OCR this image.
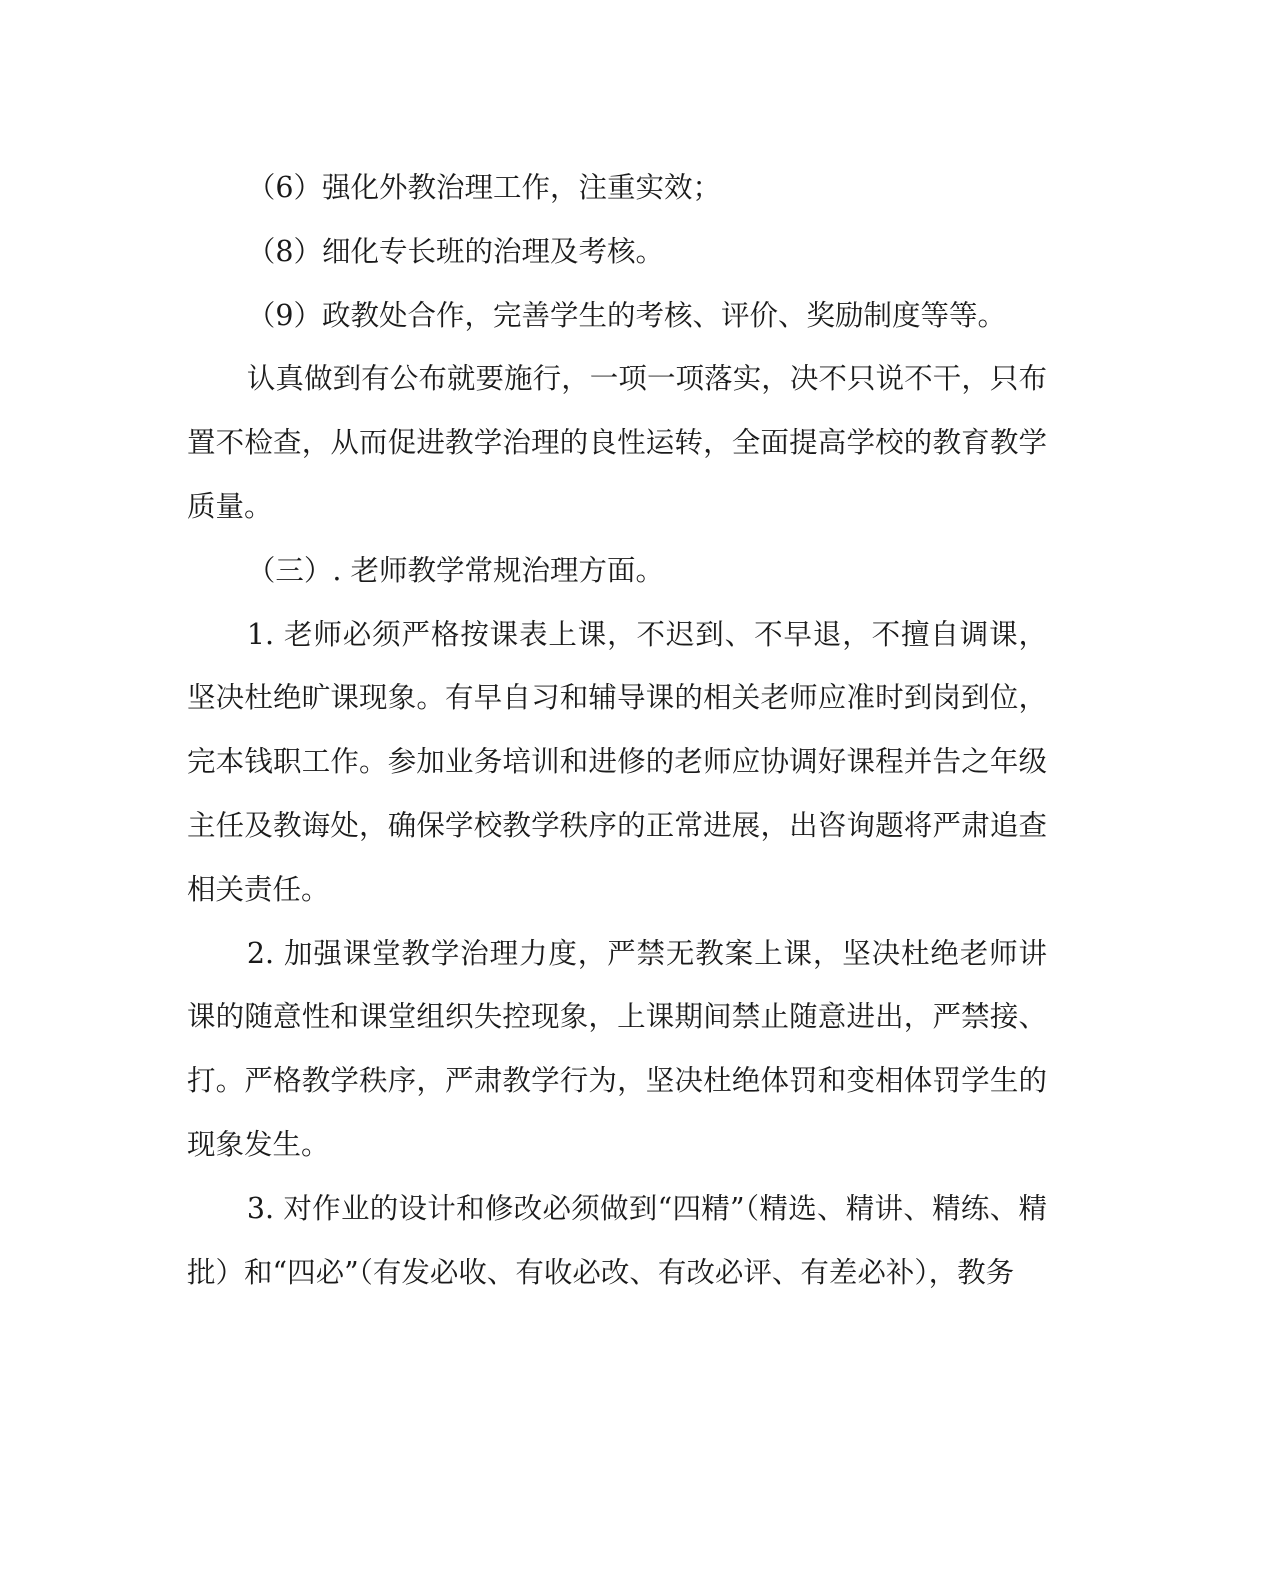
（6）强化外教治理工作，注重实效；

（8）细化专长班的治理及考核。

（9）政教处合作，完善学生的考核、评价、奖励制度等等。

认真做到有公布就要施行，一项一项落实，决不只说不干，只布置不检查，从而促进教学治理的良性运转，全面提高学校的教育教学质量。

（三）. 老师教学常规治理方面。

1. 老师必须严格按课表上课，不迟到、不早退，不擅自调课，坚决杜绝旷课现象。有早自习和辅导课的相关老师应准时到岗到位，完本钱职工作。参加业务培训和进修的老师应协调好课程并告之年级主任及教诲处，确保学校教学秩序的正常进展，出咨询题将严肃追查相关责任。

2. 加强课堂教学治理力度，严禁无教案上课，坚决杜绝老师讲课的随意性和课堂组织失控现象，上课期间禁止随意进出，严禁接、打。严格教学秩序，严肃教学行为，坚决杜绝体罚和变相体罚学生的现象发生。

3. 对作业的设计和修改必须做到“四精”（精选、精讲、精练、精批）和“四必”（有发必收、有收必改、有改必评、有差必补），教务
